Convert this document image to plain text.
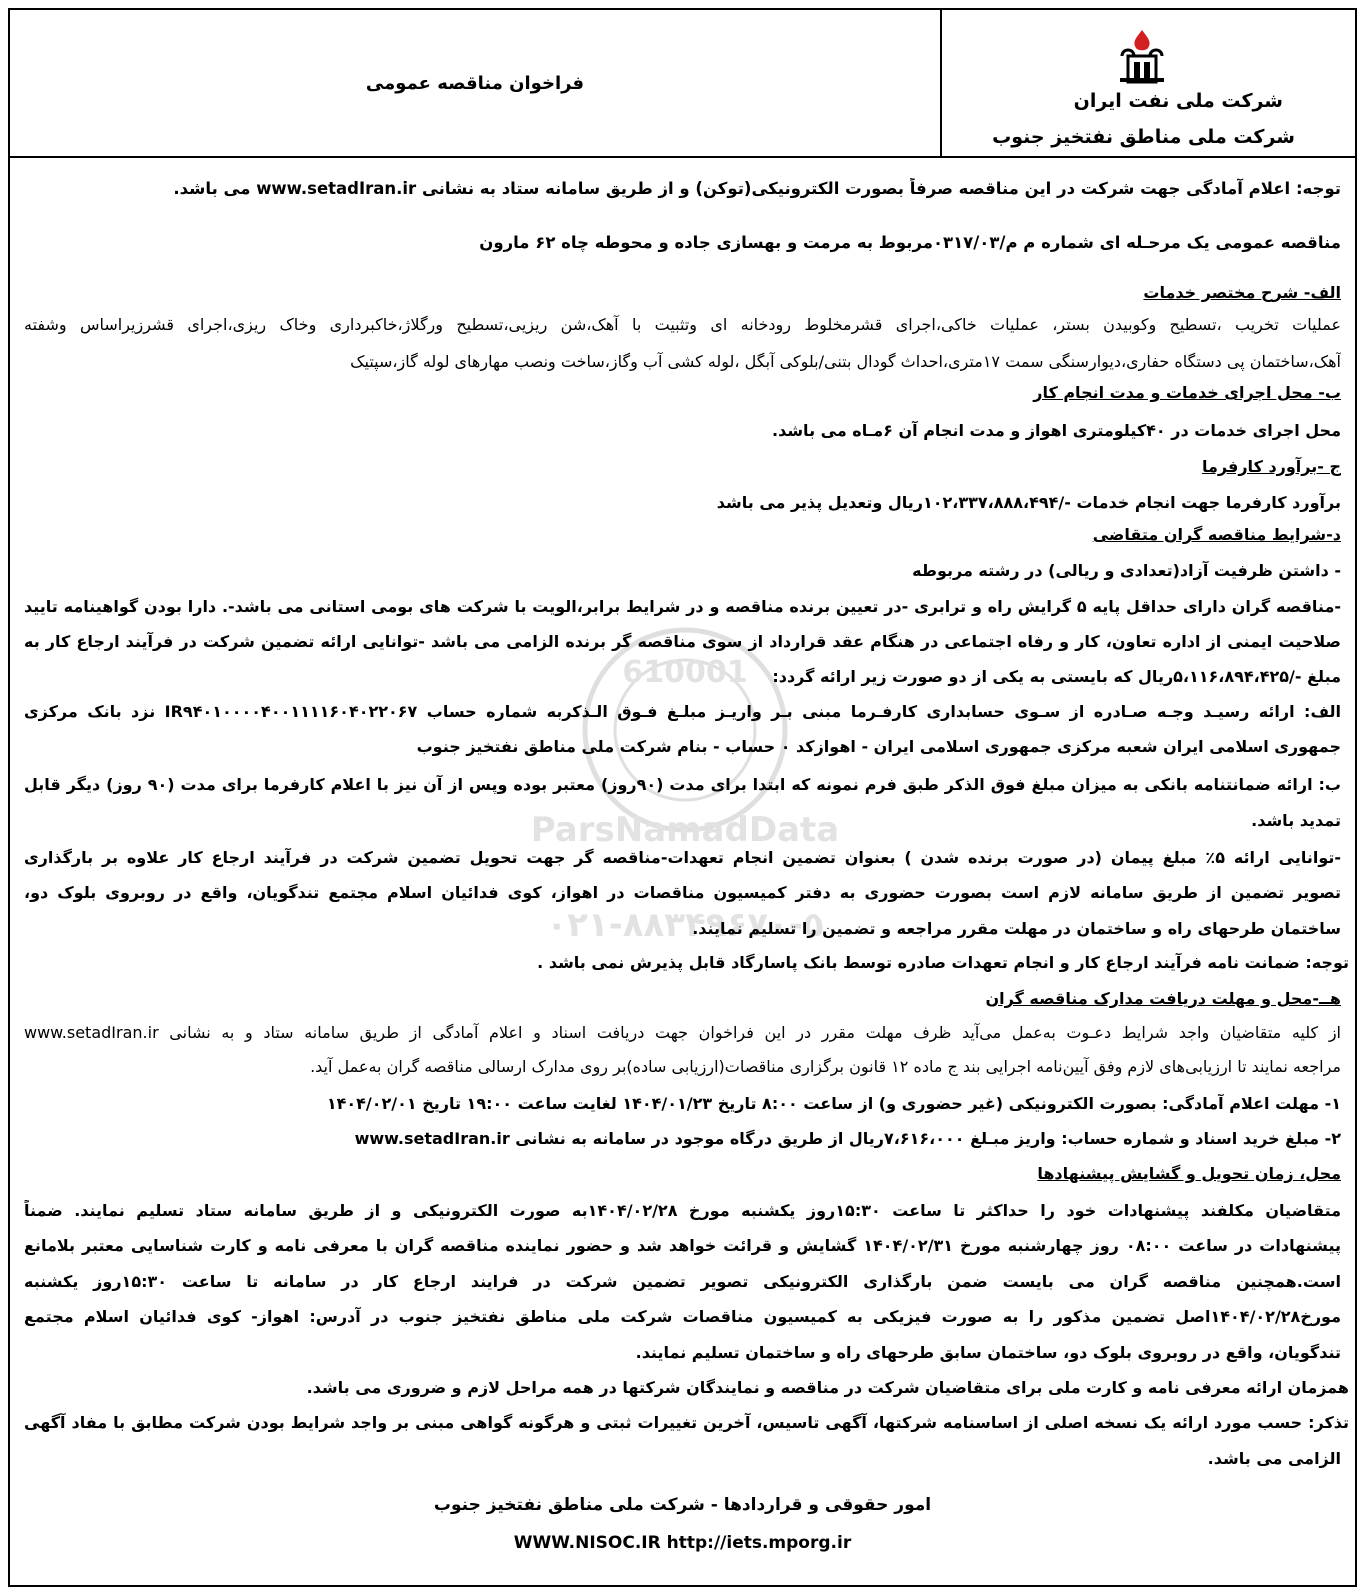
فراخوان مناقصه عمومی
شرکت ملی نفت ایران
شرکت ملی مناطق نفتخیز جنوب
ParsNamadData
۰۲۱-۸۸۳۴۹۶۷۰-۵
610001
توجه: اعلام آمادگی جهت شرکت در این مناقصه صرفاً بصورت الکترونیکی(توکن) و از طریق سامانه ستاد به نشانی www.setadIran.ir می باشد.
مناقصه عمومی یک مرحـله ای شماره م م/۰۳۱۷/۰۳مربوط به مرمت و بهسازی جاده و محوطه چاه ۶۲ مارون
الف- شرح مختصر خدمات
عملیات تخریب ،تسطیح وکوبیدن بستر، عملیات خاکی،اجرای قشرمخلوط رودخانه ای وتثبیت با آهک،شن ریزیی،تسطیح ورگلاژ،خاکبرداری وخاک ریزی،اجرای قشرزیراساس وشفته
آهک،ساختمان پی دستگاه حفاری،دیوارسنگی سمت ۱۷متری،احداث گودال بتنی/بلوکی آبگل ،لوله کشی آب وگاز،ساخت ونصب مهارهای لوله گاز،سپتیک
ب- محل اجرای خدمات و مدت انجام کار
محل اجرای خدمات در ۴۰کیلومتری اهواز و مدت انجام آن ۶مـاه می باشد.
ج -برآورد کارفرما
برآورد کارفرما جهت انجام خدمات -/۱۰۲،۳۳۷،۸۸۸،۴۹۴ریال وتعدیل پذیر می باشد
د-شرایط مناقصه گران متقاضی
- داشتن ظرفیت آزاد(تعدادی و ریالی) در رشته مربوطه
-مناقصه گران دارای حداقل پایه ۵ گرایش راه و ترابری -در تعیین برنده مناقصه و در شرایط برابر،الویت با شرکت های بومی استانی می باشد-. دارا بودن گواهینامه تایید
صلاحیت ایمنی از اداره تعاون، کار و رفاه اجتماعی در هنگام عقد قرارداد از سوی مناقصه گر برنده الزامی می باشد -توانایی ارائه تضمین شرکت در فرآیند ارجاع کار به
مبلغ -/۵،۱۱۶،۸۹۴،۴۲۵ریال که بایستی به یکی از دو صورت زیر ارائه گردد:
الف: ارائه رسیـد وجـه صـادره از سـوی حسابداری کارفـرما مبنی بـر واریـز مبلـغ فـوق الـذکربه شماره حساب IR۹۴۰۱۰۰۰۰۴۰۰۱۱۱۱۶۰۴۰۲۲۰۶۷ نزد بانک مرکزی
جمهوری اسلامی ایران شعبه مرکزی جمهوری اسلامی ایران - اهوازکد ۰ حساب - بنام شرکت ملی مناطق نفتخیز جنوب
ب: ارائه ضمانتنامه بانکی به میزان مبلغ فوق الذکر طبق فرم نمونه که ابتدا برای مدت (۹۰روز) معتبر بوده وپس از آن نیز با اعلام کارفرما برای مدت (۹۰ روز) دیگر قابل
تمدید باشد.
-توانایی ارائه ۵٪ مبلغ پیمان (در صورت برنده شدن ) بعنوان تضمین انجام تعهدات-مناقصه گر جهت تحویل تضمین شرکت در فرآیند ارجاع کار علاوه بر بارگذاری
تصویر تضمین از طریق سامانه لازم است بصورت حضوری به دفتر کمیسیون مناقصات در اهواز، کوی فدائیان اسلام مجتمع تندگویان، واقع در روبروی بلوک دو،
ساختمان طرحهای راه و ساختمان در مهلت مقرر مراجعه و تضمین را تسلیم نمایند.
توجه: ضمانت نامه فرآیند ارجاع کار و انجام تعهدات صادره توسط بانک پاسارگاد قابل پذیرش نمی باشد .
هــ-محل و مهلت دریافت مدارک مناقصه گران
از کلیه متقاضیان واجد شرایط دعـوت به‌عمل می‌آید ظرف مهلت مقرر در این فراخوان جهت دریافت اسناد و اعلام آمادگی از طریق سامانه ستاد و به نشانی www.setadIran.ir
مراجعه نمایند تا ارزیابی‌های لازم وفق آیین‌نامه اجرایی بند ج ماده ۱۲ قانون برگزاری مناقصات(ارزیابی ساده)بر روی مدارک ارسالی مناقصه گران به‌عمل آید.
۱- مهلت اعلام آمادگی: بصورت الکترونیکی (غیر حضوری و) از ساعت ۸:۰۰ تاریخ ۱۴۰۴/۰۱/۲۳ لغایت ساعت ۱۹:۰۰ تاریخ ۱۴۰۴/۰۲/۰۱
۲- مبلغ خرید اسناد و شماره حساب: واریز مبـلغ ۷،۶۱۶،۰۰۰ریال از طریق درگاه موجود در سامانه به نشانی www.setadIran.ir
محل، زمان تحویل و گشایش پیشنهادها
متقاضیان مکلفند پیشنهادات خود را حداکثر تا ساعت ۱۵:۳۰روز یکشنبه مورخ ۱۴۰۴/۰۲/۲۸به صورت الکترونیکی و از طریق سامانه ستاد تسلیم نمایند. ضمناً
پیشنهادات در ساعت ۰۸:۰۰ روز چهارشنبه مورخ ۱۴۰۴/۰۲/۳۱ گشایش و قرائت خواهد شد و حضور نماینده مناقصه گران با معرفی نامه و کارت شناسایی معتبر بلامانع
است.همچنین مناقصه گران می بایست ضمن بارگذاری الکترونیکی تصویر تضمین شرکت در فرایند ارجاع کار در سامانه تا ساعت ۱۵:۳۰روز یکشنبه
مورخ۱۴۰۴/۰۲/۲۸اصل تضمین مذکور را به صورت فیزیکی به کمیسیون مناقصات شرکت ملی مناطق نفتخیز جنوب در آدرس: اهواز- کوی فدائیان اسلام مجتمع
تندگویان، واقع در روبروی بلوک دو، ساختمان سابق طرحهای راه و ساختمان تسلیم نمایند.
همزمان ارائه معرفی نامه و کارت ملی برای متقاضیان شرکت در مناقصه و نمایندگان شرکتها در همه مراحل لازم و ضروری می باشد.
تذکر: حسب مورد ارائه یک نسخه اصلی از اساسنامه شرکتها، آگهی تاسیس، آخرین تغییرات ثبتی و هرگونه گواهی مبنی بر واجد شرایط بودن شرکت مطابق با مفاد آگهی
الزامی می باشد.
امور حقوقی و قراردادها - شرکت ملی مناطق نفتخیز جنوب
WWW.NISOC.IR http://iets.mporg.ir
